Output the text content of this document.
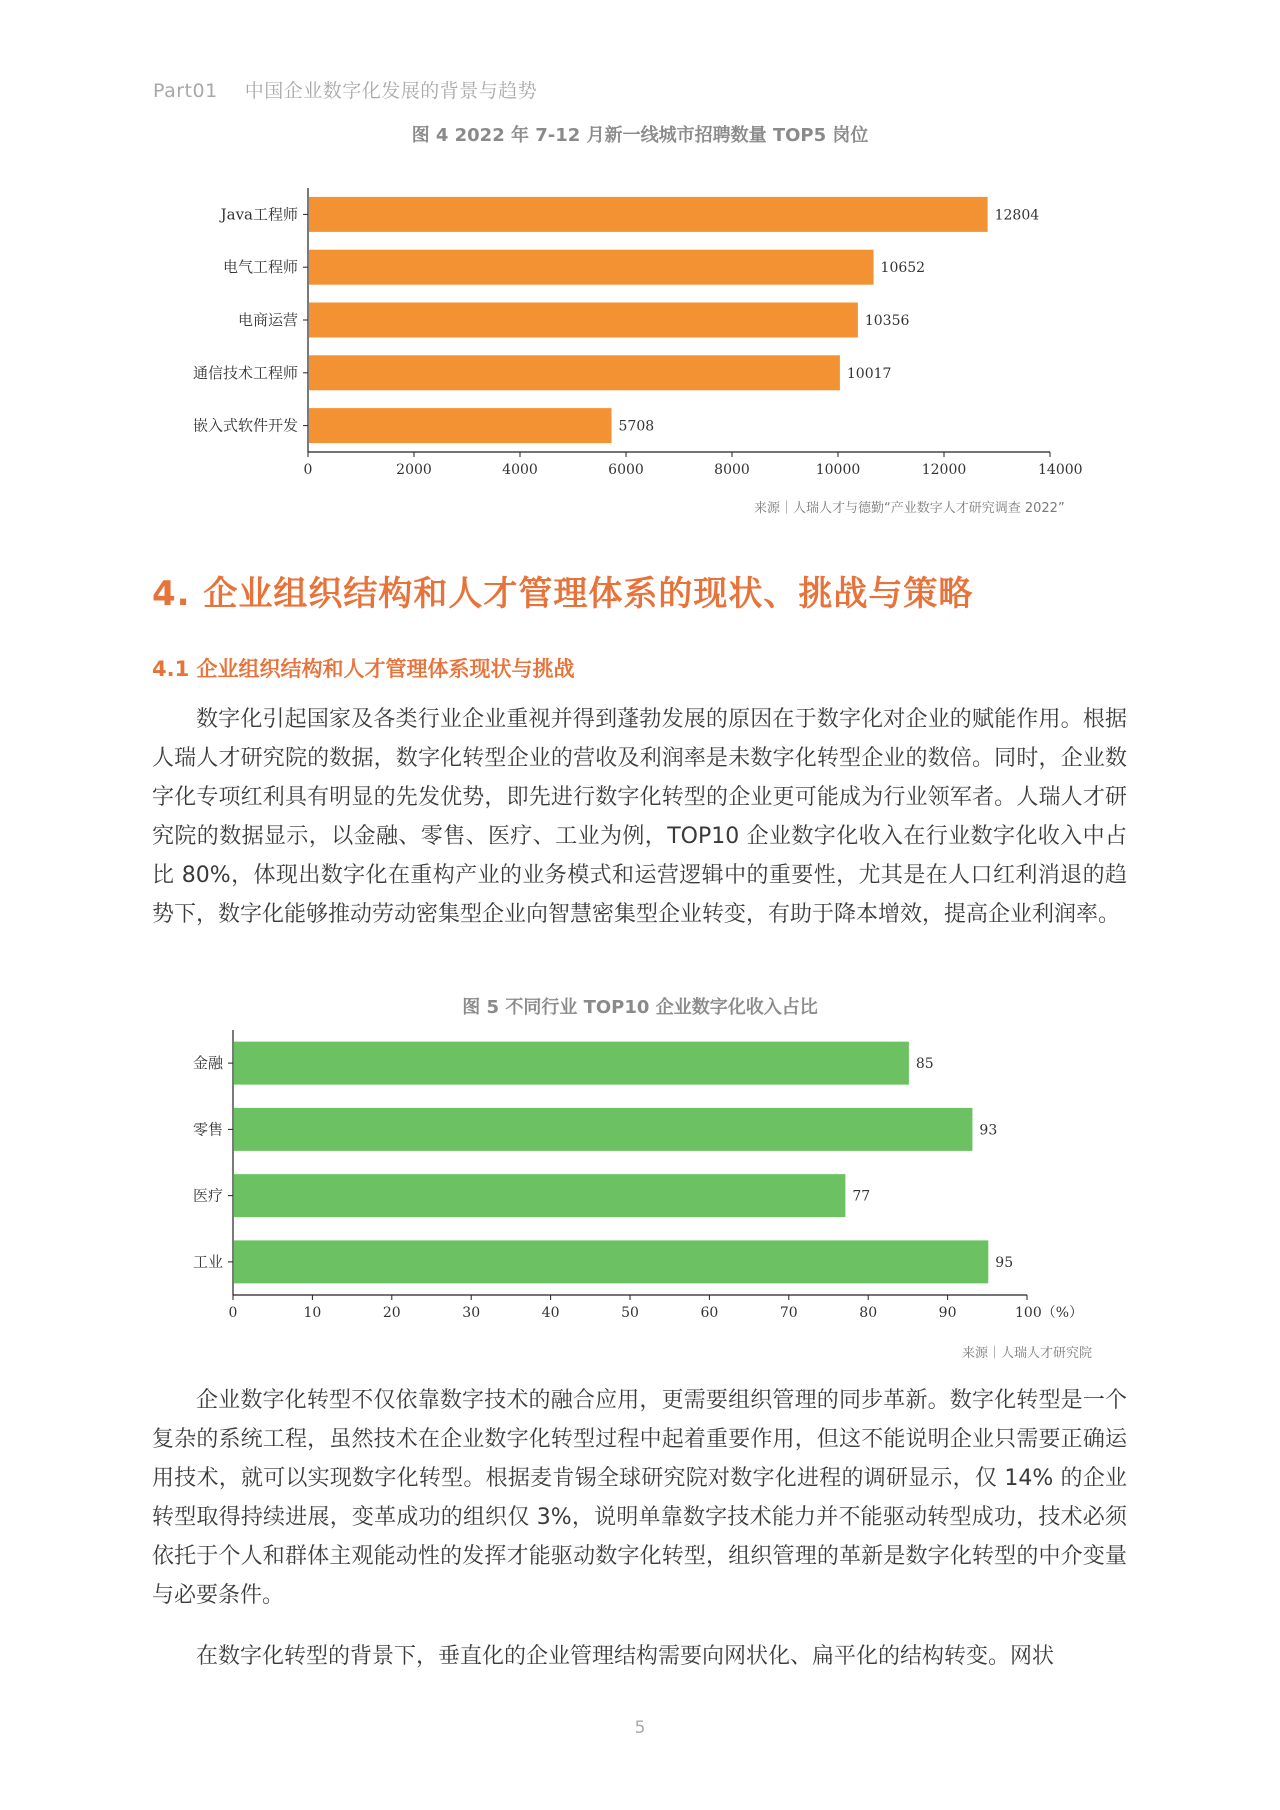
Part01 中国企业数字化发展的背景与趋势
图 4 2022 年 7-12 月新一线城市招聘数量 TOP5 岗位
0	2000	4000	6000	8000	10000	12000	14000
Java工程师	12804
电气工程师	10652
电商运营	10356
通信技术工程师	10017
嵌入式软件开发	5708
来源｜人瑞人才与德勤“产业数字人才研究调查 2022”
4. 企业组织结构和人才管理体系的现状、挑战与策略
4.1 企业组织结构和人才管理体系现状与挑战

数字化引起国家及各类行业企业重视并得到蓬勃发展的原因在于数字化对企业的赋能作用。根据人瑞人才研究院的数据，数字化转型企业的营收及利润率是未数字化转型企业的数倍。同时，企业数字化专项红利具有明显的先发优势，即先进行数字化转型的企业更可能成为行业领军者。人瑞人才研究院的数据显示，以金融、零售、医疗、工业为例，TOP10 企业数字化收入在行业数字化收入中占比 80%，体现出数字化在重构产业的业务模式和运营逻辑中的重要性，尤其是在人口红利消退的趋势下，数字化能够推动劳动密集型企业向智慧密集型企业转变，有助于降本增效，提高企业利润率。

图 5 不同行业 TOP10 企业数字化收入占比
0	10	20	30	40	50	60	70	80	90	100（%）
金融	85
零售	93
医疗	77
工业	95
来源｜人瑞人才研究院

企业数字化转型不仅依靠数字技术的融合应用，更需要组织管理的同步革新。数字化转型是一个复杂的系统工程，虽然技术在企业数字化转型过程中起着重要作用，但这不能说明企业只需要正确运用技术，就可以实现数字化转型。根据麦肯锡全球研究院对数字化进程的调研显示，仅 14% 的企业转型取得持续进展，变革成功的组织仅 3%，说明单靠数字技术能力并不能驱动转型成功，技术必须依托于个人和群体主观能动性的发挥才能驱动数字化转型，组织管理的革新是数字化转型的中介变量与必要条件。

在数字化转型的背景下，垂直化的企业管理结构需要向网状化、扁平化的结构转变。网状

5
